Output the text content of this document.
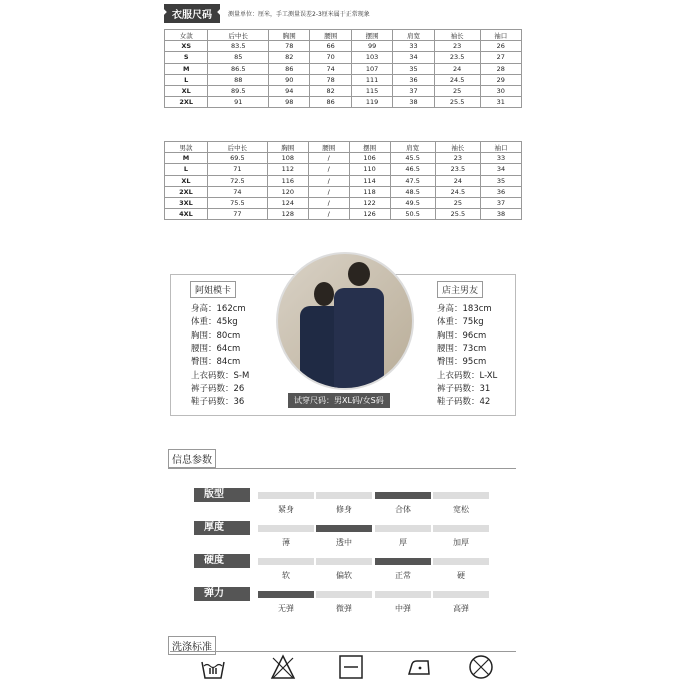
衣服尺码	测量单位：厘米，手工测量误差2-3厘米属于正常现象
女款	后中长	胸围	腰围	摆围	肩宽	袖长	袖口
XS	83.5	78	66	99	33	23	26
S	85	82	70	103	34	23.5	27
M	86.5	86	74	107	35	24	28
L	88	90	78	111	36	24.5	29
XL	89.5	94	82	115	37	25	30
2XL	91	98	86	119	38	25.5	31
男款	后中长	胸围	腰围	摆围	肩宽	袖长	袖口
M	69.5	108	/	106	45.5	23	33
L	71	112	/	110	46.5	23.5	34
XL	72.5	116	/	114	47.5	24	35
2XL	74	120	/	118	48.5	24.5	36
3XL	75.5	124	/	122	49.5	25	37
4XL	77	128	/	126	50.5	25.5	38
阿姐模卡
身高：162cm
体重：45kg
胸围：80cm
腰围：64cm
臀围：84cm
上衣码数：S-M
裤子码数：26
鞋子码数：36
店主男友
身高：183cm
体重：75kg
胸围：96cm
腰围：73cm
臀围：95cm
上衣码数：L-XL
裤子码数：31
鞋子码数：42
试穿尺码：男XL码/女S码
信息参数
版型
紧身	修身	合体	宽松
厚度
薄	透中	厚	加厚
硬度
软	偏软	正常	硬
弹力
无弹	微弹	中弹	高弹
洗涤标准
